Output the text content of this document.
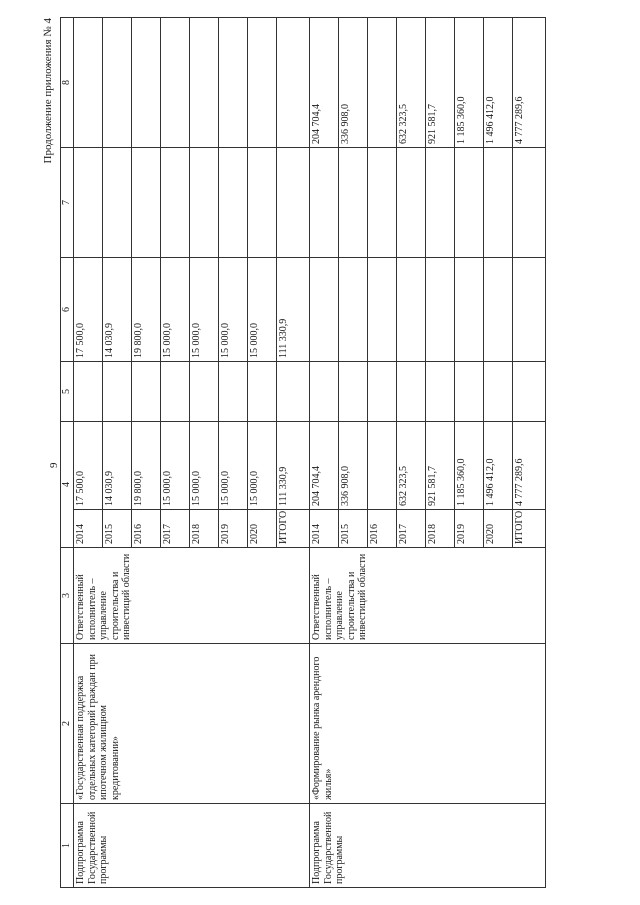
9
Продолжение приложения № 4
1	2	3	4		5	6	7	8
Подпрограмма Государственной программы	«Государственная поддержка отдельных категорий граждан при ипотечном жилищном кредитовании»	Ответственный исполнитель – управление строительства и инвестиций области	2014	17 500,0		17 500,0		
			2015	14 030,9		14 030,9		
			2016	19 800,0		19 800,0		
			2017	15 000,0		15 000,0		
			2018	15 000,0		15 000,0		
			2019	15 000,0		15 000,0		
			2020	15 000,0		15 000,0		
			ИТОГО	111 330,9		111 330,9		
Подпрограмма Государственной программы	«Формирование рынка арендного жилья»	Ответственный исполнитель – управление строительства и инвестиций области	2014	204 704,4				204 704,4
			2015	336 908,0				336 908,0
			2016					
			2017	632 323,5				632 323,5
			2018	921 581,7				921 581,7
			2019	1 185 360,0				1 185 360,0
			2020	1 496 412,0				1 496 412,0
			ИТОГО	4 777 289,6				4 777 289,6
